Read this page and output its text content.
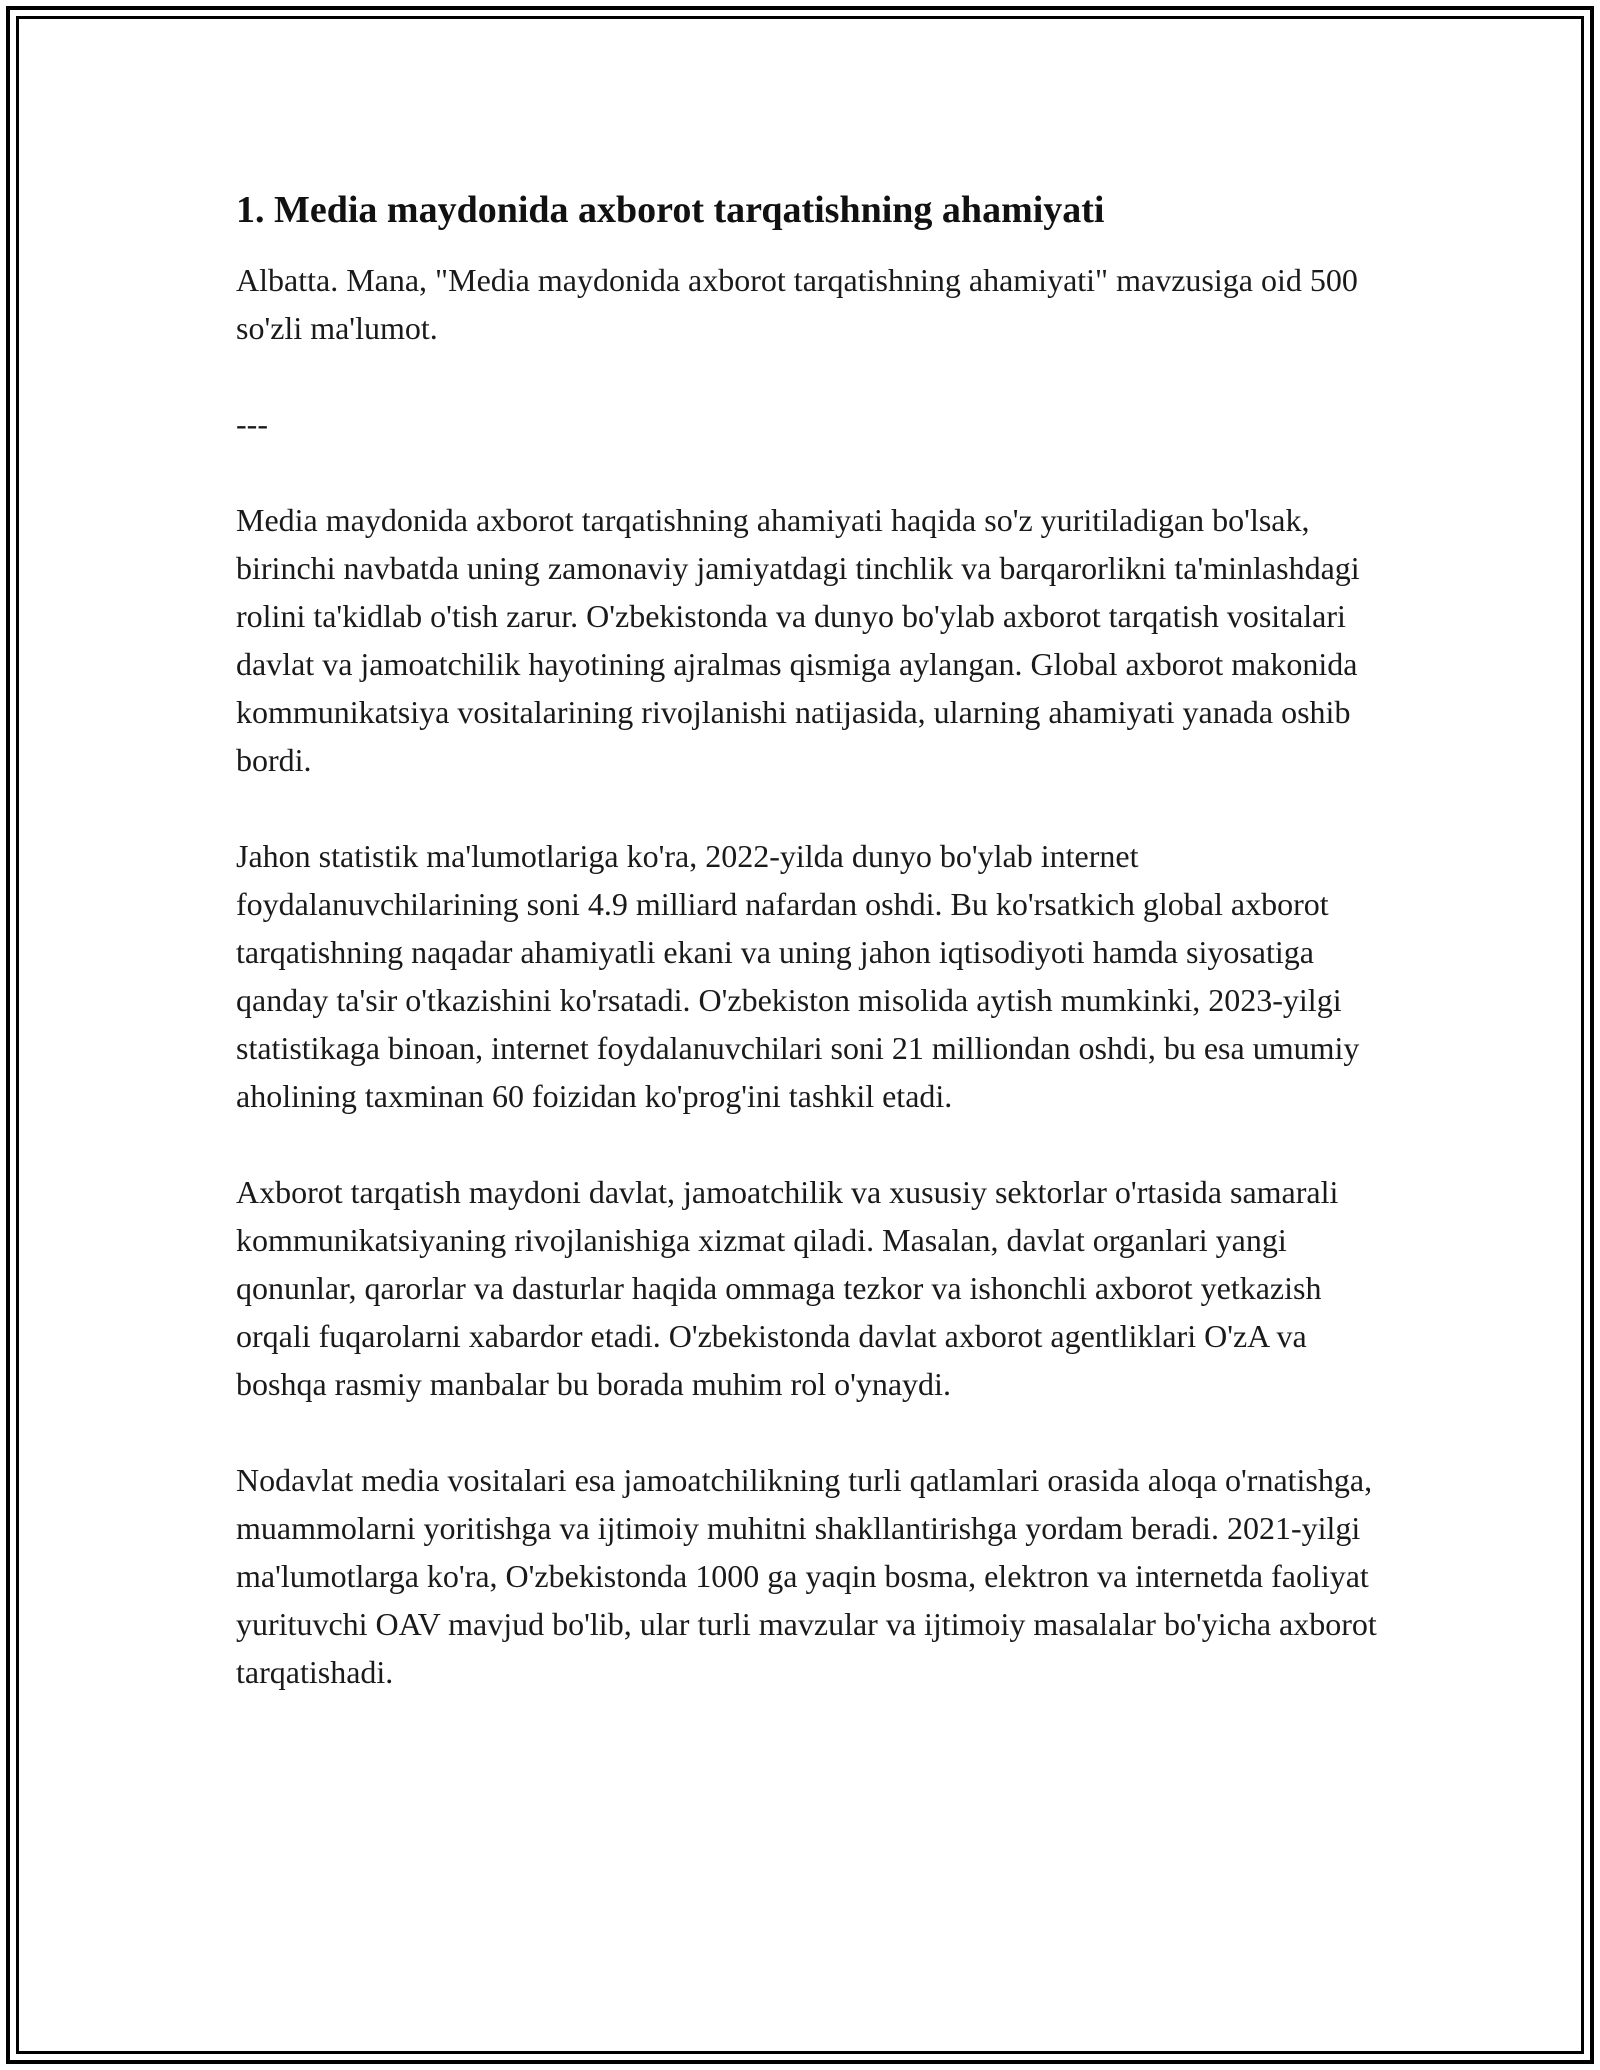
1. Media maydonida axborot tarqatishning ahamiyati

Albatta. Mana, "Media maydonida axborot tarqatishning ahamiyati" mavzusiga oid 500 so'zli ma'lumot.

---

Media maydonida axborot tarqatishning ahamiyati haqida so'z yuritiladigan bo'lsak, birinchi navbatda uning zamonaviy jamiyatdagi tinchlik va barqarorlikni ta'minlashdagi rolini ta'kidlab o'tish zarur. O'zbekistonda va dunyo bo'ylab axborot tarqatish vositalari davlat va jamoatchilik hayotining ajralmas qismiga aylangan. Global axborot makonida kommunikatsiya vositalarining rivojlanishi natijasida, ularning ahamiyati yanada oshib bordi.

Jahon statistik ma'lumotlariga ko'ra, 2022-yilda dunyo bo'ylab internet foydalanuvchilarining soni 4.9 milliard nafardan oshdi. Bu ko'rsatkich global axborot tarqatishning naqadar ahamiyatli ekani va uning jahon iqtisodiyoti hamda siyosatiga qanday ta'sir o'tkazishini ko'rsatadi. O'zbekiston misolida aytish mumkinki, 2023-yilgi statistikaga binoan, internet foydalanuvchilari soni 21 milliondan oshdi, bu esa umumiy aholining taxminan 60 foizidan ko'prog'ini tashkil etadi.

Axborot tarqatish maydoni davlat, jamoatchilik va xususiy sektorlar o'rtasida samarali kommunikatsiyaning rivojlanishiga xizmat qiladi. Masalan, davlat organlari yangi qonunlar, qarorlar va dasturlar haqida ommaga tezkor va ishonchli axborot yetkazish orqali fuqarolarni xabardor etadi. O'zbekistonda davlat axborot agentliklari O'zA va boshqa rasmiy manbalar bu borada muhim rol o'ynaydi.

Nodavlat media vositalari esa jamoatchilikning turli qatlamlari orasida aloqa o'rnatishga, muammolarni yoritishga va ijtimoiy muhitni shakllantirishga yordam beradi. 2021-yilgi ma'lumotlarga ko'ra, O'zbekistonda 1000 ga yaqin bosma, elektron va internetda faoliyat yurituvchi OAV mavjud bo'lib, ular turli mavzular va ijtimoiy masalalar bo'yicha axborot tarqatishadi.
